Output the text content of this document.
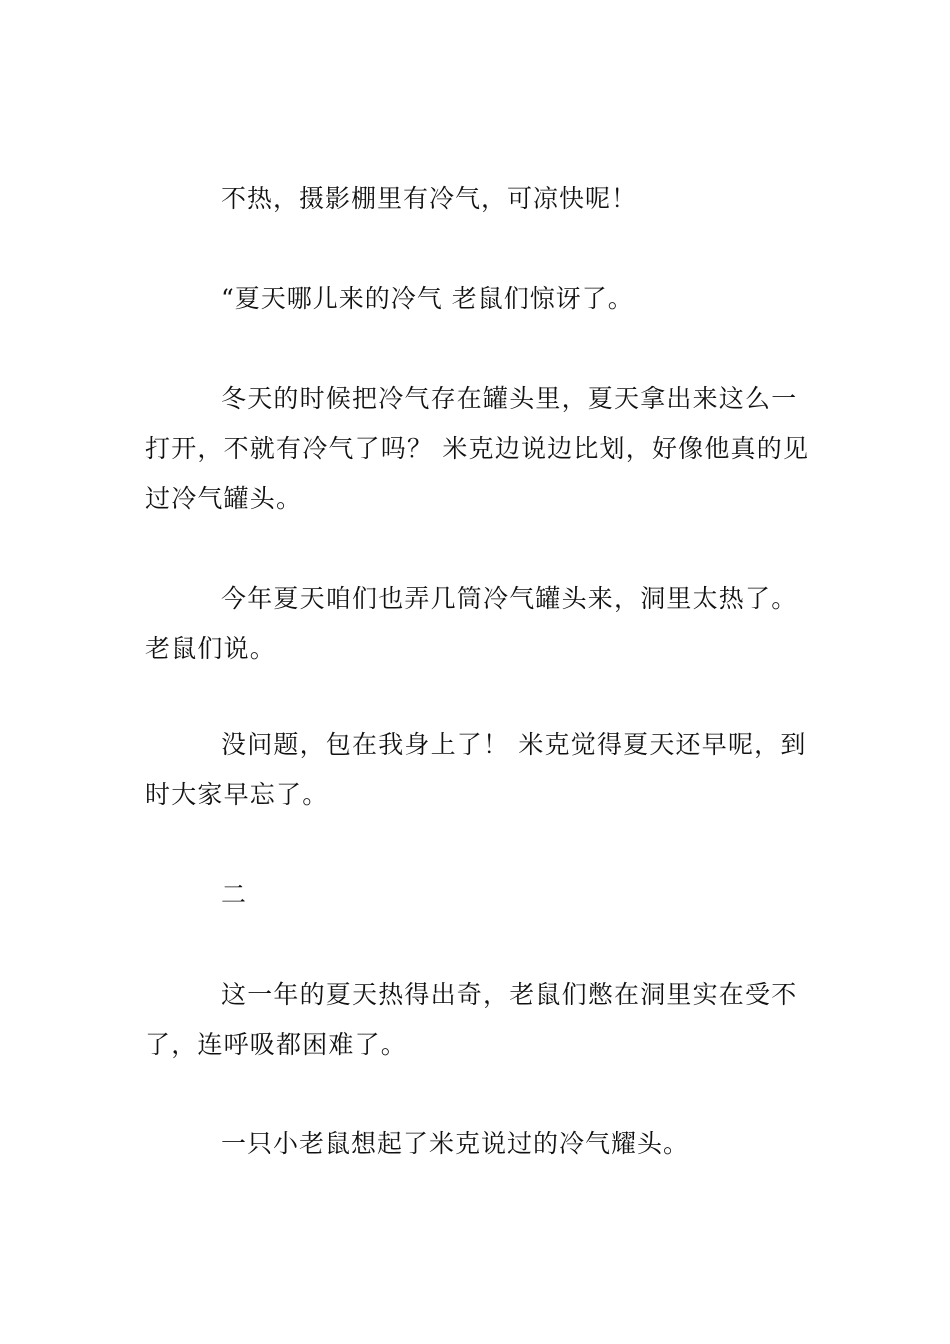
不热，摄影棚里有冷气，可凉快呢！

“夏天哪儿来的冷气 老鼠们惊讶了。

冬天的时候把冷气存在罐头里，夏天拿出来这么一打开，不就有冷气了吗？ 米克边说边比划，好像他真的见过冷气罐头。

今年夏天咱们也弄几筒冷气罐头来，洞里太热了。老鼠们说。

没问题，包在我身上了！ 米克觉得夏天还早呢，到时大家早忘了。

二

这一年的夏天热得出奇，老鼠们憋在洞里实在受不了，连呼吸都困难了。

一只小老鼠想起了米克说过的冷气耀头。
